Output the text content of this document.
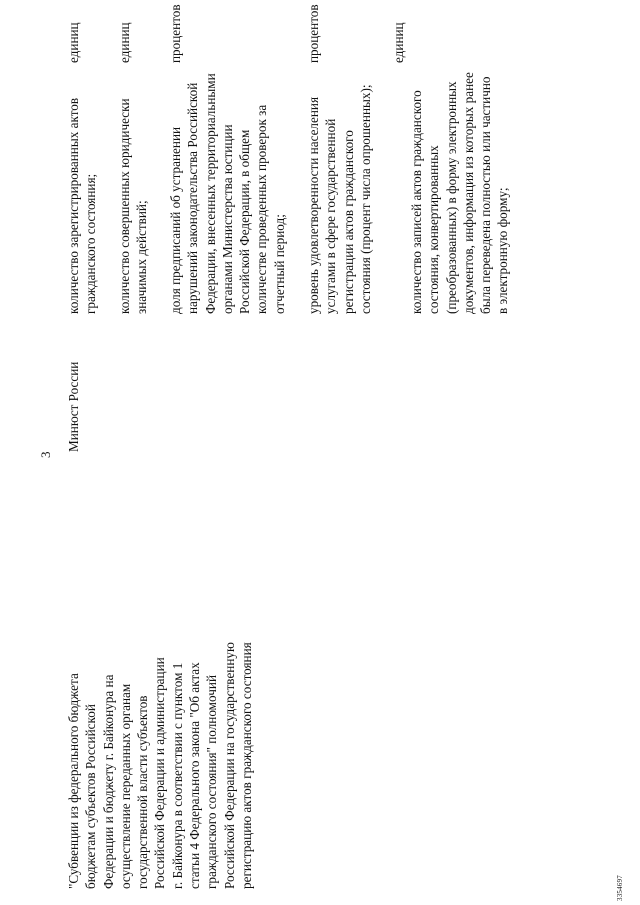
3
"Субвенции из федерального бюджета бюджетам субъектов Российской Федерации и бюджету г. Байконура на осуществление переданных органам государственной власти субъектов Российской Федерации и администрации г. Байконура в соответствии с пунктом 1 статьи 4 Федерального закона "Об актах гражданского состояния" полномочий Российской Федерации на государственную регистрацию актов гражданского состояния
Минюст России
количество зарегистрированных актов гражданского состояния;
единиц
количество совершенных юридически значимых действий;
единиц
доля предписаний об устранении нарушений законодательства Российской Федерации, внесенных территориальными органами Министерства юстиции Российской Федерации, в общем количестве проведенных проверок за отчетный период;
процентов
уровень удовлетворенности населения услугами в сфере государственной регистрации актов гражданского состояния (процент числа опрошенных);
процентов
количество записей актов гражданского состояния, конвертированных (преобразованных) в форму электронных документов, информация из которых ранее была переведена полностью или частично в электронную форму;
единиц
3354697
